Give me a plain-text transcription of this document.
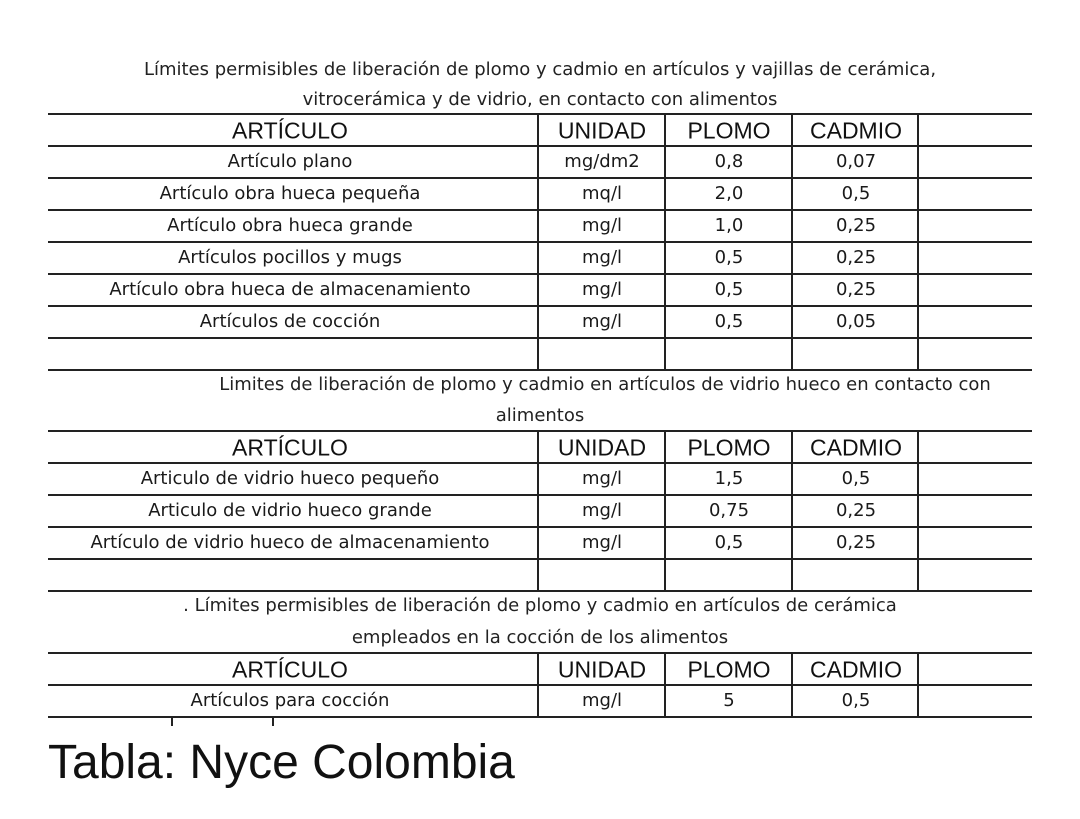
Límites permisibles de liberación de plomo y cadmio en artículos y vajillas de cerámica,
vitrocerámica y de vidrio, en contacto con alimentos
ARTÍCULO	UNIDAD PLOMO CADMIO
Artículo plano	mg/dm2	0,8	0,07
Artículo obra hueca pequeña	mq/l	2,0	0,5
Artículo obra hueca grande	mg/l	1,0	0,25
Artículos pocillos y mugs	mg/l	0,5	0,25
Artículo obra hueca de almacenamiento	mg/l	0,5	0,25
Artículos de cocción	mg/l	0,5	0,05
Limites de liberación de plomo y cadmio en artículos de vidrio hueco en contacto con
alimentos
ARTÍCULO	UNIDAD PLOMO CADMIO
Articulo de vidrio hueco pequeño	mg/l	1,5	0,5
Articulo de vidrio hueco grande	mg/l	0,75	0,25
Artículo de vidrio hueco de almacenamiento	mg/l	0,5	0,25
. Límites permisibles de liberación de plomo y cadmio en artículos de cerámica
empleados en la cocción de los alimentos
ARTÍCULO	UNIDAD PLOMO CADMIO
Artículos para cocción	mg/l	5	0,5
Tabla: Nyce Colombia
